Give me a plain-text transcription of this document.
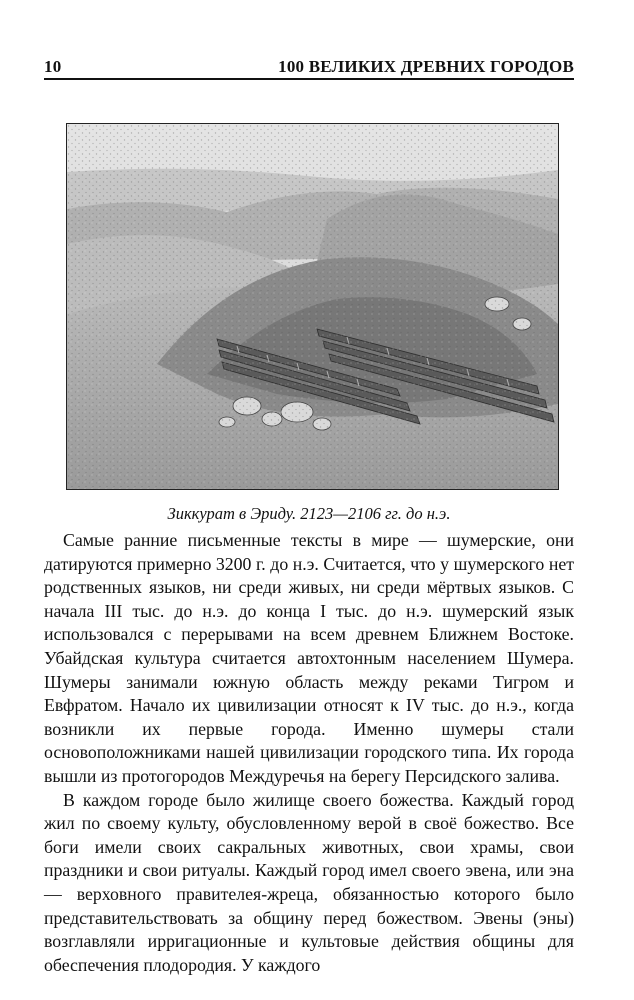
10	100 ВЕЛИКИХ ДРЕВНИХ ГОРОДОВ
Зиккурат в Эриду. 2123—2106 гг. до н.э.

Самые ранние письменные тексты в мире — шумерские, они датируются примерно 3200 г. до н.э. Считается, что у шумерского нет родственных языков, ни среди живых, ни среди мёртвых языков. С начала III тыс. до н.э. до конца I тыс. до н.э. шумерский язык использовался с перерывами на всем древнем Ближнем Востоке. Убайдская культура считается автохтонным населением Шумера. Шумеры занимали южную область между реками Тигром и Евфратом. Начало их цивилизации относят к IV тыс. до н.э., когда возникли их первые города. Именно шумеры стали основоположниками нашей цивилизации городского типа. Их города вышли из протогородов Междуречья на берегу Персидского залива.

В каждом городе было жилище своего божества. Каждый город жил по своему культу, обусловленному верой в своё божество. Все боги имели своих сакральных животных, свои храмы, свои праздники и свои ритуалы. Каждый город имел своего эвена, или эна — верховного правителея-жреца, обязанностью которого было представительствовать за общину перед божеством. Эвены (эны) возглавляли ирригационные и культовые действия общины для обеспечения плодородия. У каждого
